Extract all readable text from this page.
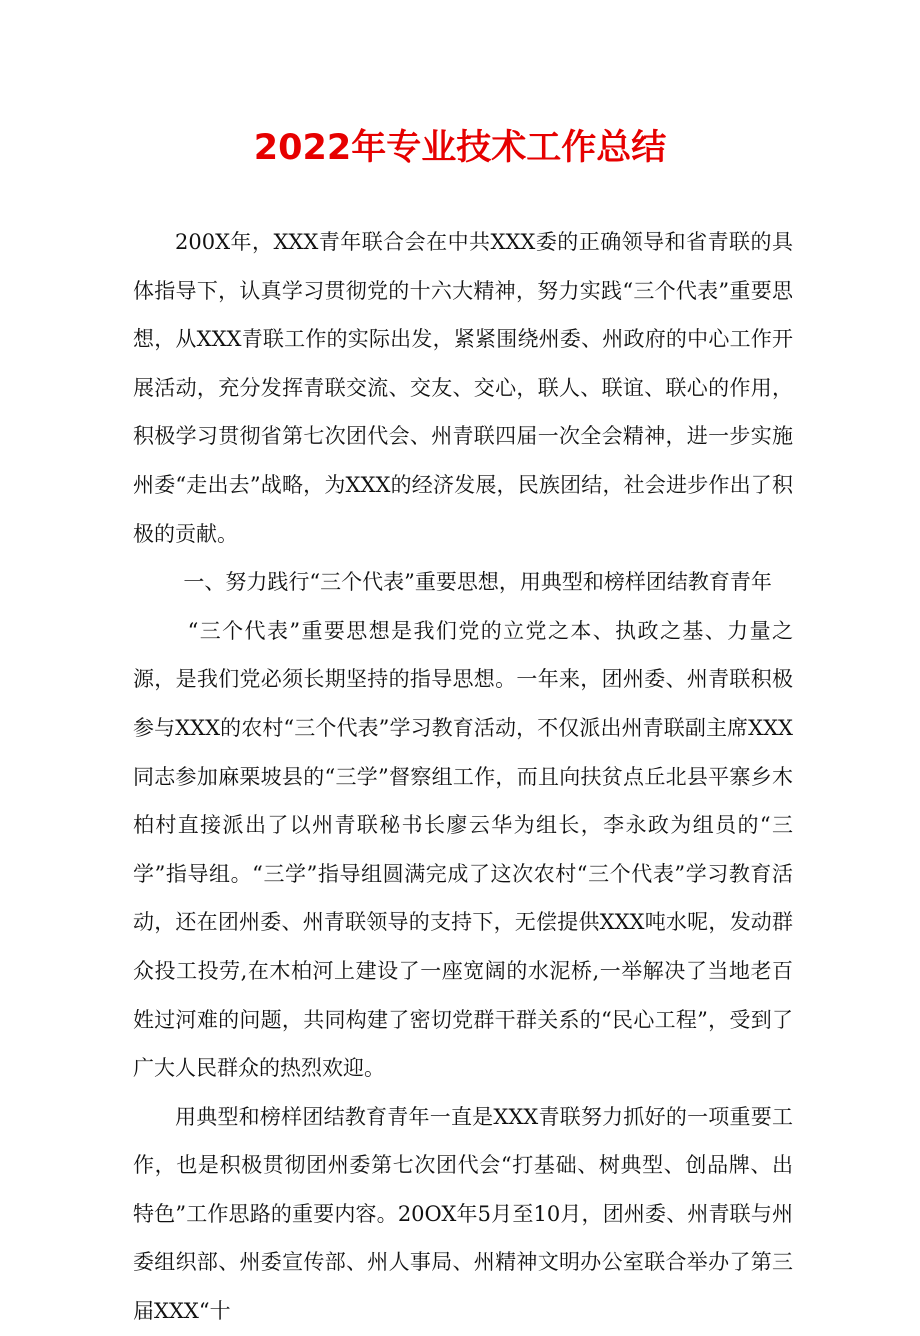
2022年专业技术工作总结

200X年，XXX青年联合会在中共XXX委的正确领导和省青联的具体指导下，认真学习贯彻党的十六大精神，努力实践“三个代表”重要思想，从XXX青联工作的实际出发，紧紧围绕州委、州政府的中心工作开展活动，充分发挥青联交流、交友、交心，联人、联谊、联心的作用，积极学习贯彻省第七次团代会、州青联四届一次全会精神，进一步实施州委“走出去”战略，为XXX的经济发展，民族团结，社会进步作出了积极的贡献。

一、努力践行“三个代表”重要思想，用典型和榜样团结教育青年

“三个代表”重要思想是我们党的立党之本、执政之基、力量之源，是我们党必须长期坚持的指导思想。一年来，团州委、州青联积极参与XXX的农村“三个代表”学习教育活动，不仅派出州青联副主席XXX同志参加麻栗坡县的“三学”督察组工作，而且向扶贫点丘北县平寨乡木柏村直接派出了以州青联秘书长廖云华为组长，李永政为组员的“三学”指导组。“三学”指导组圆满完成了这次农村“三个代表”学习教育活动，还在团州委、州青联领导的支持下，无偿提供XXX吨水呢，发动群众投工投劳,在木柏河上建设了一座宽阔的水泥桥,一举解决了当地老百姓过河难的问题，共同构建了密切党群干群关系的“民心工程”，受到了广大人民群众的热烈欢迎。

用典型和榜样团结教育青年一直是XXX青联努力抓好的一项重要工作，也是积极贯彻团州委第七次团代会“打基础、树典型、创品牌、出特色”工作思路的重要内容。20OX年5月至10月，团州委、州青联与州委组织部、州委宣传部、州人事局、州精神文明办公室联合举办了第三届XXX“十
